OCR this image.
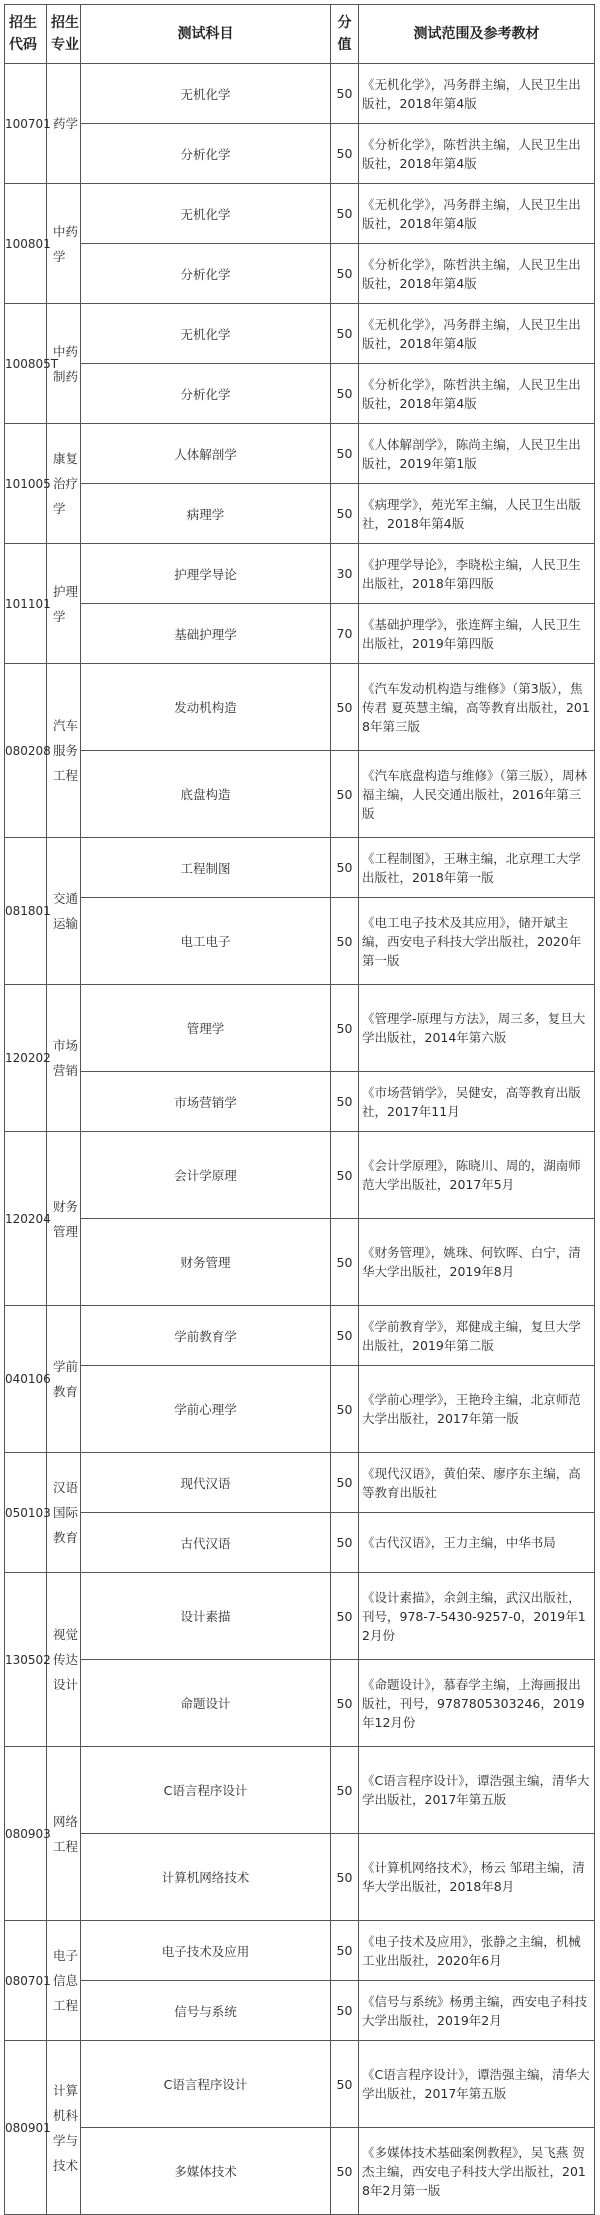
招生代码	招生专业	测试科目	分值	测试范围及参考教材
100701	药学	无机化学	50	《无机化学》，冯务群主编，人民卫生出版社，2018年第4版
		分析化学	50	《分析化学》，陈哲洪主编，人民卫生出版社，2018年第4版
100801	中药学	无机化学	50	《无机化学》，冯务群主编，人民卫生出版社，2018年第4版
		分析化学	50	《分析化学》，陈哲洪主编，人民卫生出版社，2018年第4版
100805T	中药制药	无机化学	50	《无机化学》，冯务群主编，人民卫生出版社，2018年第4版
		分析化学	50	《分析化学》，陈哲洪主编，人民卫生出版社，2018年第4版
101005	康复治疗学	人体解剖学	50	《人体解剖学》，陈尚主编，人民卫生出版社，2019年第1版
		病理学	50	《病理学》，苑光军主编，人民卫生出版社，2018年第4版
101101	护理学	护理学导论	30	《护理学导论》，李晓松主编，人民卫生出版社，2018年第四版
		基础护理学	70	《基础护理学》，张连辉主编，人民卫生出版社，2019年第四版
080208	汽车服务工程	发动机构造	50	《汽车发动机构造与维修》（第3版），焦传君 夏英慧主编，高等教育出版社，2018年第三版
		底盘构造	50	《汽车底盘构造与维修》（第三版），周林福主编，人民交通出版社，2016年第三版
081801	交通运输	工程制图	50	《工程制图》，王琳主编，北京理工大学出版社，2018年第一版
		电工电子	50	《电工电子技术及其应用》，储开斌主编，西安电子科技大学出版社，2020年第一版
120202	市场营销	管理学	50	《管理学-原理与方法》，周三多，复旦大学出版社，2014年第六版
		市场营销学	50	《市场营销学》，吴健安，高等教育出版社，2017年11月
120204	财务管理	会计学原理	50	《会计学原理》，陈晓川、周的，湖南师范大学出版社，2017年5月
		财务管理	50	《财务管理》，姚珠、何钦晖、白宁，清华大学出版社，2019年8月
040106	学前教育	学前教育学	50	《学前教育学》，郑健成主编，复旦大学出版社，2019年第二版
		学前心理学	50	《学前心理学》，王艳玲主编，北京师范大学出版社，2017年第一版
050103	汉语国际教育	现代汉语	50	《现代汉语》，黄伯荣、廖序东主编，高等教育出版社
		古代汉语	50	《古代汉语》，王力主编，中华书局
130502	视觉传达设计	设计素描	50	《设计素描》，余剑主编，武汉出版社，刊号，978-7-5430-9257-0，2019年12月份
		命题设计	50	《命题设计》，慕春学主编，上海画报出版社，刊号，9787805303246，2019年12月份
080903	网络工程	C语言程序设计	50	《C语言程序设计》，谭浩强主编，清华大学出版社，2017年第五版
		计算机网络技术	50	《计算机网络技术》，杨云 邹珺主编，清华大学出版社，2018年8月
080701	电子信息工程	电子技术及应用	50	《电子技术及应用》，张静之主编，机械工业出版社，2020年6月
		信号与系统	50	《信号与系统》杨勇主编，西安电子科技大学出版社，2019年2月
080901	计算机科学与技术	C语言程序设计	50	《C语言程序设计》，谭浩强主编，清华大学出版社，2017年第五版
		多媒体技术	50	《多媒体技术基础案例教程》，吴飞燕 贺杰主编，西安电子科技大学出版社，2018年2月第一版
